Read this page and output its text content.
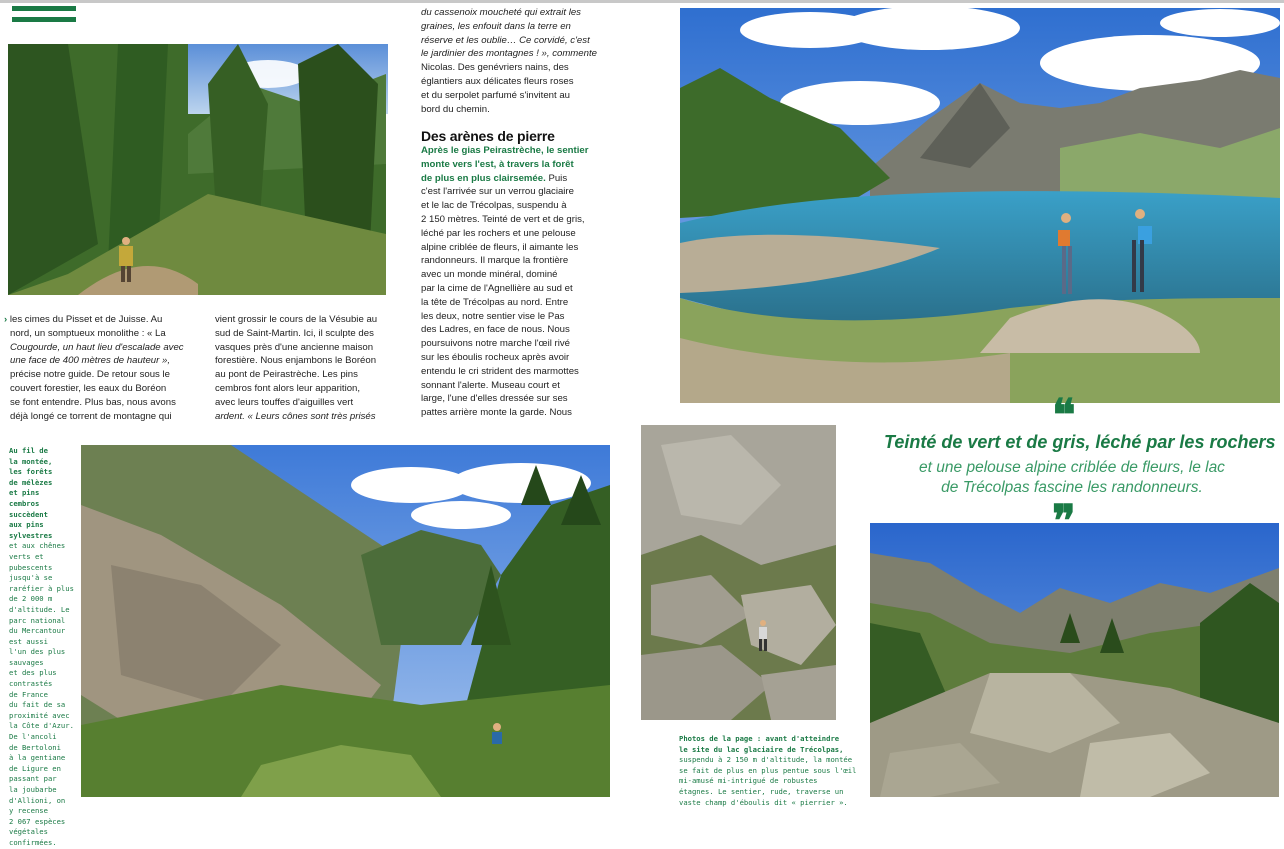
du cassenoix moucheté qui extrait les

graines, les enfouit dans la terre en

réserve et les oublie… Ce corvidé, c'est

le jardinier des montagnes ! », commente

Nicolas. Des genévriers nains, des

églantiers aux délicates fleurs roses

et du serpolet parfumé s'invitent au

bord du chemin.

Des arènes de pierre

Après le gias Peirastrèche, le sentier

monte vers l'est, à travers la forêt

de plus en plus clairsemée. Puis

c'est l'arrivée sur un verrou glaciaire

et le lac de Trécolpas, suspendu à

2 150 mètres. Teinté de vert et de gris,

léché par les rochers et une pelouse

alpine criblée de fleurs, il aimante les

randonneurs. Il marque la frontière

avec un monde minéral, dominé

par la cime de l'Agnellière au sud et

la tête de Trécolpas au nord. Entre

les deux, notre sentier vise le Pas

des Ladres, en face de nous. Nous

poursuivons notre marche l'œil rivé

sur les éboulis rocheux après avoir

entendu le cri strident des marmottes

sonnant l'alerte. Museau court et

large, l'une d'elles dressée sur ses

pattes arrière monte la garde. Nous

› les cimes du Pisset et de Juisse. Au

nord, un somptueux monolithe : « La

Cougourde, un haut lieu d'escalade avec

une face de 400 mètres de hauteur »,

précise notre guide. De retour sous le

couvert forestier, les eaux du Boréon

se font entendre. Plus bas, nous avons

déjà longé ce torrent de montagne qui

vient grossir le cours de la Vésubie au

sud de Saint-Martin. Ici, il sculpte des

vasques près d'une ancienne maison

forestière. Nous enjambons le Boréon

au pont de Peirastrèche. Les pins

cembros font alors leur apparition,

avec leurs touffes d'aiguilles vert

ardent. « Leurs cônes sont très prisés

Au fil de
la montée,
les forêts
de mélèzes
et pins
cembros
succèdent
aux pins
sylvestres
et aux chênes
verts et
pubescents
jusqu'à se
raréfier à plus
de 2 000 m
d'altitude. Le
parc national
du Mercantour
est aussi
l'un des plus
sauvages
et des plus
contrastés
de France
du fait de sa
proximité avec
la Côte d'Azur.
De l'ancoli
de Bertoloni
à la gentiane
de Ligure en
passant par
la joubarbe
d'Allioni, on
y recense
2 067 espèces
végétales
confirmées.
Photos de la page : avant d'atteindre
le site du lac glaciaire de Trécolpas,
suspendu à 2 150 m d'altitude, la montée
se fait de plus en plus pentue sous l'œil
mi-amusé mi-intrigué de robustes
étagnes. Le sentier, rude, traverse un
vaste champ d'éboulis dit « pierrier ».
❝
Teinté de vert et de gris, léché par les rochers
et une pelouse alpine criblée de fleurs, le lac
de Trécolpas fascine les randonneurs.
❞
